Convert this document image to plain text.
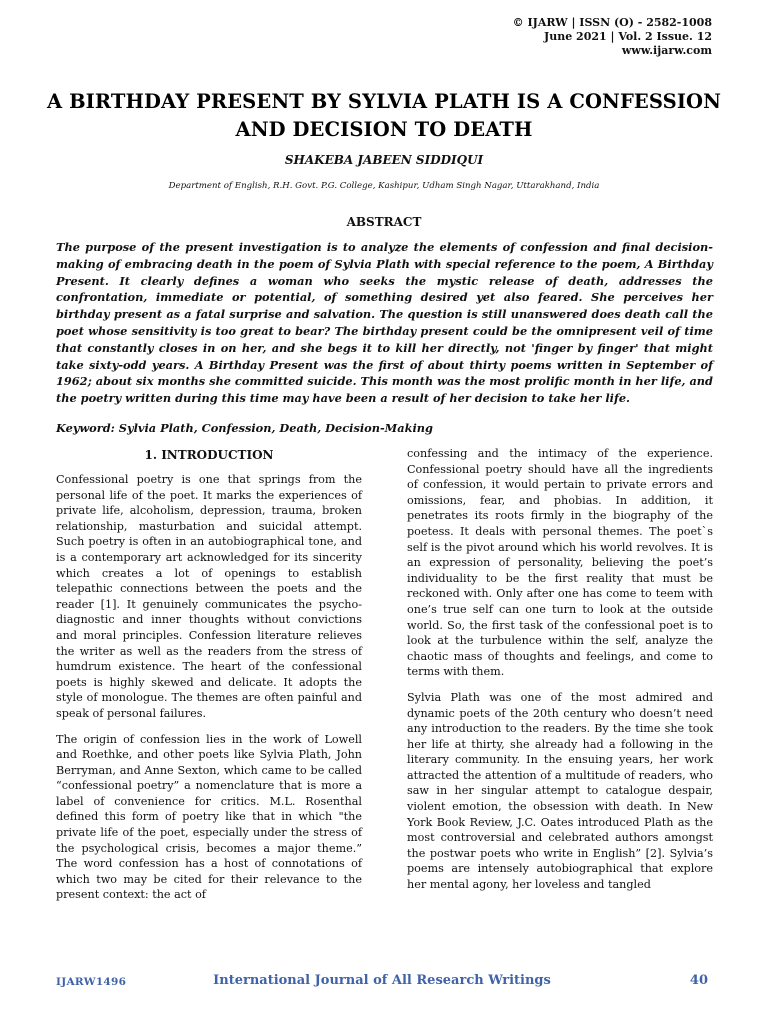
© IJARW | ISSN (O) - 2582-1008
June 2021 | Vol. 2 Issue. 12
www.ijarw.com
A BIRTHDAY PRESENT BY SYLVIA PLATH IS A CONFESSION AND DECISION TO DEATH
SHAKEBA JABEEN SIDDIQUI
Department of English, R.H. Govt. P.G. College, Kashipur, Udham Singh Nagar, Uttarakhand, India
ABSTRACT

The purpose of the present investigation is to analyze the elements of confession and final decision-making of embracing death in the poem of Sylvia Plath with special reference to the poem, A Birthday Present. It clearly defines a woman who seeks the mystic release of death, addresses the confrontation, immediate or potential, of something desired yet also feared. She perceives her birthday present as a fatal surprise and salvation. The question is still unanswered does death call the poet whose sensitivity is too great to bear? The birthday present could be the omnipresent veil of time that constantly closes in on her, and she begs it to kill her directly, not 'finger by finger' that might take sixty-odd years. A Birthday Present was the first of about thirty poems written in September of 1962; about six months she committed suicide. This month was the most prolific month in her life, and the poetry written during this time may have been a result of her decision to take her life.

Keyword: Sylvia Plath, Confession, Death, Decision-Making

1. INTRODUCTION

Confessional poetry is one that springs from the personal life of the poet. It marks the experiences of private life, alcoholism, depression, trauma, broken relationship, masturbation and suicidal attempt. Such poetry is often in an autobiographical tone, and is a contemporary art acknowledged for its sincerity which creates a lot of openings to establish telepathic connections between the poets and the reader [1]. It genuinely communicates the psycho-diagnostic and inner thoughts without convictions and moral principles. Confession literature relieves the writer as well as the readers from the stress of humdrum existence. The heart of the confessional poets is highly skewed and delicate. It adopts the style of monologue. The themes are often painful and speak of personal failures.

The origin of confession lies in the work of Lowell and Roethke, and other poets like Sylvia Plath, John Berryman, and Anne Sexton, which came to be called “confessional poetry” a nomenclature that is more a label of convenience for critics. M.L. Rosenthal defined this form of poetry like that in which "the private life of the poet, especially under the stress of the psychological crisis, becomes a major theme.” The word confession has a host of connotations of which two may be cited for their relevance to the present context: the act of

confessing and the intimacy of the experience. Confessional poetry should have all the ingredients of confession, it would pertain to private errors and omissions, fear, and phobias. In addition, it penetrates its roots firmly in the biography of the poetess. It deals with personal themes. The poet`s self is the pivot around which his world revolves. It is an expression of personality, believing the poet’s individuality to be the first reality that must be reckoned with. Only after one has come to teem with one’s true self can one turn to look at the outside world. So, the first task of the confessional poet is to look at the turbulence within the self, analyze the chaotic mass of thoughts and feelings, and come to terms with them.

Sylvia Plath was one of the most admired and dynamic poets of the 20th century who doesn’t need any introduction to the readers. By the time she took her life at thirty, she already had a following in the literary community. In the ensuing years, her work attracted the attention of a multitude of readers, who saw in her singular attempt to catalogue despair, violent emotion, the obsession with death. In New York Book Review, J.C. Oates introduced Plath as the most controversial and celebrated authors amongst the postwar poets who write in English” [2]. Sylvia’s poems are intensely autobiographical that explore her mental agony, her loveless and tangled

IJARW1496	International Journal of All Research Writings	40
